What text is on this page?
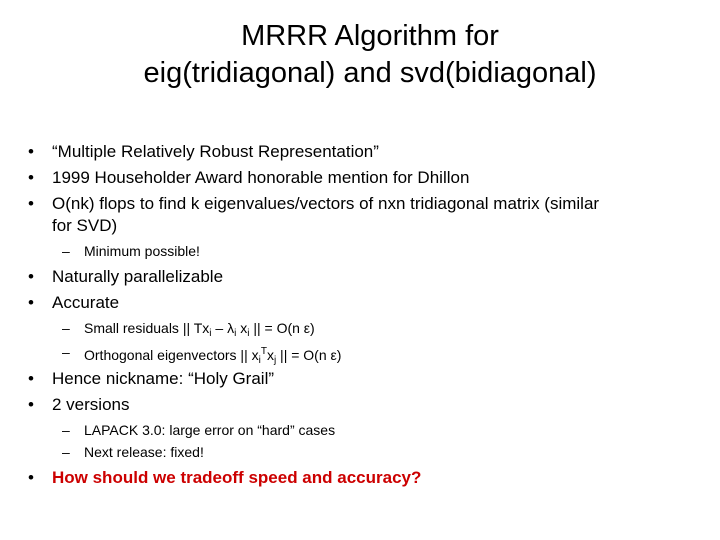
MRRR Algorithm for
eig(tridiagonal) and svd(bidiagonal)
• “Multiple Relatively Robust Representation”
• 1999 Householder Award honorable mention for Dhillon
• O(nk) flops to find k eigenvalues/vectors of nxn tridiagonal matrix (similar
for SVD)
– Minimum possible!
• Naturally parallelizable
• Accurate
– Small residuals || $Tx_i - \lambda_i$ $x_i$ || = O(n ε)
– Orthogonal eigenvectors || $x_i^Tx_j$ || = O(n ε)
• Hence nickname: “Holy Grail”
• 2 versions
– LAPACK 3.0: large error on “hard” cases
– Next release: fixed!
• How should we tradeoff speed and accuracy?
